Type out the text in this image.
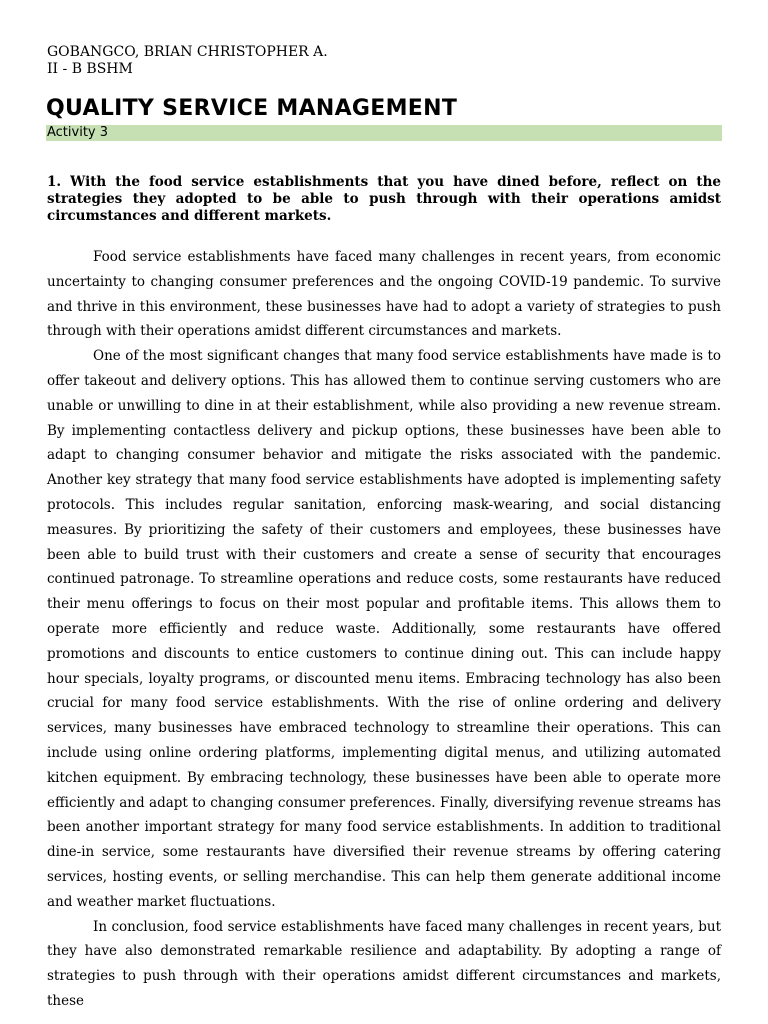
GOBANGCO, BRIAN CHRISTOPHER A.
II - B BSHM
QUALITY SERVICE MANAGEMENT
Activity 3
1. With the food service establishments that you have dined before, reflect on the strategies they adopted to be able to push through with their operations amidst circumstances and different markets.

Food service establishments have faced many challenges in recent years, from economic uncertainty to changing consumer preferences and the ongoing COVID-19 pandemic. To survive and thrive in this environment, these businesses have had to adopt a variety of strategies to push through with their operations amidst different circumstances and markets.

One of the most significant changes that many food service establishments have made is to offer takeout and delivery options. This has allowed them to continue serving customers who are unable or unwilling to dine in at their establishment, while also providing a new revenue stream. By implementing contactless delivery and pickup options, these businesses have been able to adapt to changing consumer behavior and mitigate the risks associated with the pandemic. Another key strategy that many food service establishments have adopted is implementing safety protocols. This includes regular sanitation, enforcing mask-wearing, and social distancing measures. By prioritizing the safety of their customers and employees, these businesses have been able to build trust with their customers and create a sense of security that encourages continued patronage. To streamline operations and reduce costs, some restaurants have reduced their menu offerings to focus on their most popular and profitable items. This allows them to operate more efficiently and reduce waste. Additionally, some restaurants have offered promotions and discounts to entice customers to continue dining out. This can include happy hour specials, loyalty programs, or discounted menu items. Embracing technology has also been crucial for many food service establishments. With the rise of online ordering and delivery services, many businesses have embraced technology to streamline their operations. This can include using online ordering platforms, implementing digital menus, and utilizing automated kitchen equipment. By embracing technology, these businesses have been able to operate more efficiently and adapt to changing consumer preferences. Finally, diversifying revenue streams has been another important strategy for many food service establishments. In addition to traditional dine-in service, some restaurants have diversified their revenue streams by offering catering services, hosting events, or selling merchandise. This can help them generate additional income and weather market fluctuations.

In conclusion, food service establishments have faced many challenges in recent years, but they have also demonstrated remarkable resilience and adaptability. By adopting a range of strategies to push through with their operations amidst different circumstances and markets, these
